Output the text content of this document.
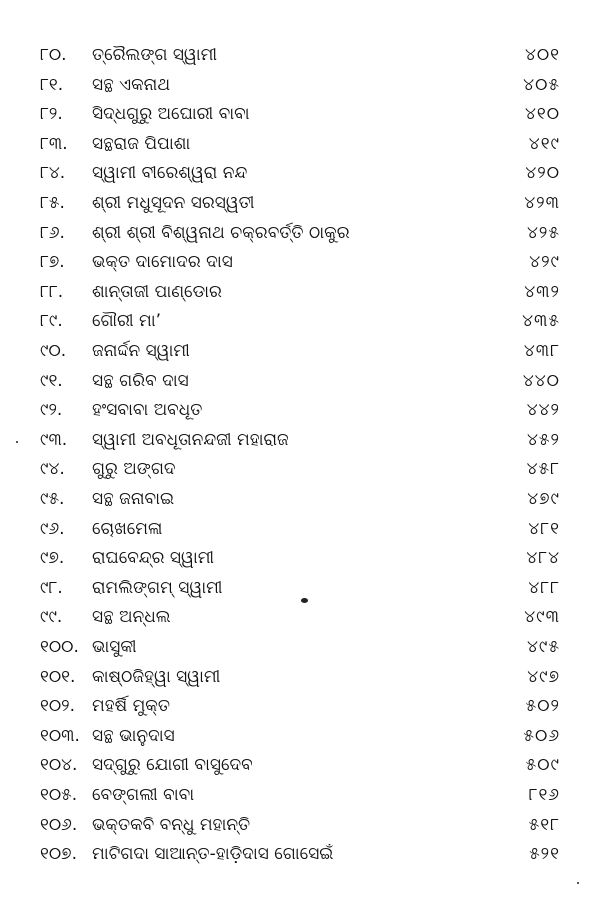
୮୦. ତ୍ରୈଲଙ୍ଗ ସ୍ୱାମୀ	୪୦୧
୮୧. ସନ୍ଥ ଏକନାଥ	୪୦୫
୮୨. ସିଦ୍ଧଗୁରୁ ଅଘୋରୀ ବାବା	୪୧୦
୮୩. ସନ୍ଥରାଜ ପିପାଶା	୪୧୯
୮୪. ସ୍ୱାମୀ ବୀରେଶ୍ୱରା ନନ୍ଦ	୪୨୦
୮୫. ଶ୍ରୀ ମଧୁସୂଦନ ସରସ୍ୱତୀ	୪୨୩
୮୬. ଶ୍ରୀ ଶ୍ରୀ ବିଶ୍ୱନାଥ ଚକ୍ରବର୍ତ୍ତି ଠାକୁର	୪୨୫
୮୭. ଭକ୍ତ ଦାମୋଦର ଦାସ	୪୨୯
୮୮. ଶାନ୍ତାଜୀ ପାଣ୍ଡୋର	୪୩୨
୮୯. ଗୌରୀ ମା’	୪୩୫
୯୦. ଜନାର୍ଦ୍ଦନ ସ୍ୱାମୀ	୪୩୮
୯୧. ସନ୍ଥ ଗରିବ ଦାସ	୪୪୦
୯୨. ହଂସବାବା ଅବଧୂତ	୪୪୨
୯୩. ସ୍ୱାମୀ ଅବଧୂତାନନ୍ଦଜୀ ମହାରାଜ	୪୫୨
୯୪. ଗୁରୁ ଅଙ୍ଗଦ	୪୫୮
୯୫. ସନ୍ଥ ଜନାବାଇ	୪୭୯
୯୬. ଚୋଖମେଳା	୪୮୧
୯୭. ରାଘବେନ୍ଦ୍ର ସ୍ୱାମୀ	୪୮୪
୯୮. ରାମଲିଙ୍ଗମ୍ ସ୍ୱାମୀ	୪୮୮
୯୯. ସନ୍ଥ ଅନ୍ଧଲ	୪୯୩
୧୦୦. ଭାସୁକୀ	୪୯୫
୧୦୧. କାଷ୍ଠଜିହ୍ୱା ସ୍ୱାମୀ	୪୯୭
୧୦୨. ମହର୍ଷି ମୁକ୍ତ	୫୦୨
୧୦୩. ସନ୍ଥ ଭାନୁଦାସ	୫୦୬
୧୦୪. ସଦ୍‌ଗୁରୁ ଯୋଗୀ ବାସୁଦେବ	୫୦୯
୧୦୫. ବେଙ୍ଗଲୀ ବାବା	୮୧୬
୧୦୬. ଭକ୍ତକବି ବନ୍ଧୁ ମହାନ୍ତି	୫୧୮
୧୦୭. ମାଟିଗଦା ସାଆନ୍ତ-ହାଡ଼ିଦାସ ଗୋସେଇଁ	୫୨୧
